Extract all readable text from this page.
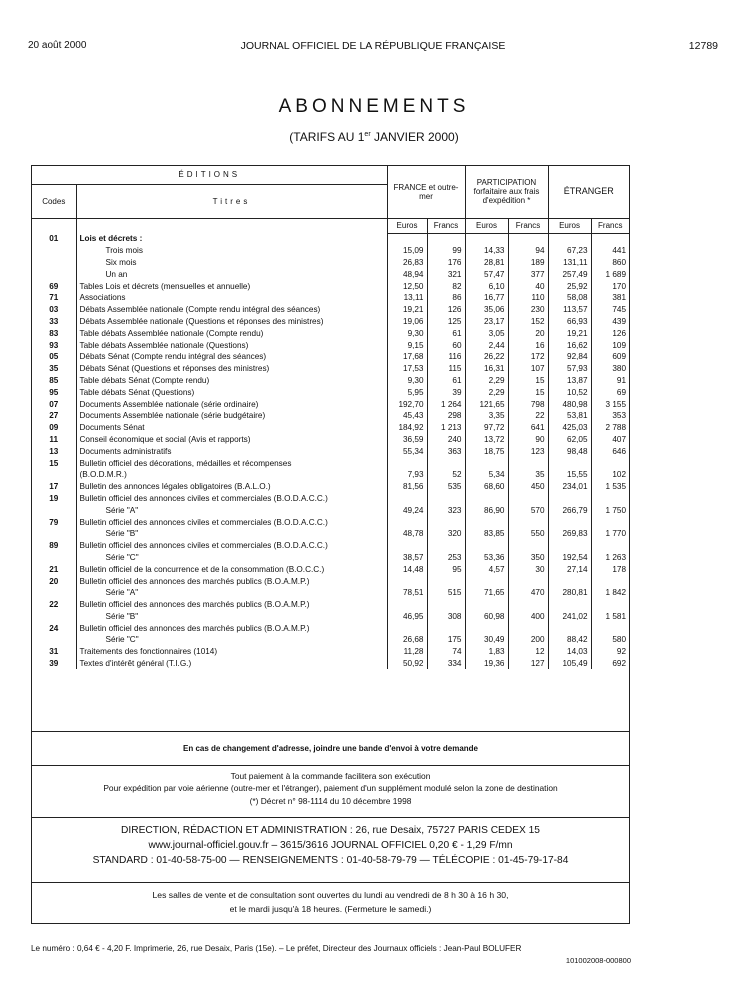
20 août 2000	JOURNAL OFFICIEL DE LA RÉPUBLIQUE FRANÇAISE	12789
ABONNEMENTS
(TARIFS AU 1er JANVIER 2000)
ÉDITIONS		FRANCE et outre-mer		PARTICIPATION forfaitaire aux frais d'expédition *		ÉTRANGER	
Codes	Titres						
		Euros	Francs	Euros	Francs	Euros	Francs
01	Lois et décrets :						
	Trois mois	15,09	99	14,33	94	67,23	441
	Six mois	26,83	176	28,81	189	131,11	860
	Un an	48,94	321	57,47	377	257,49	1 689
69	Tables Lois et décrets (mensuelles et annuelle)	12,50	82	6,10	40	25,92	170
71	Associations	13,11	86	16,77	110	58,08	381
03	Débats Assemblée nationale (Compte rendu intégral des séances)	19,21	126	35,06	230	113,57	745
33	Débats Assemblée nationale (Questions et réponses des ministres)	19,06	125	23,17	152	66,93	439
83	Table débats Assemblée nationale (Compte rendu)	9,30	61	3,05	20	19,21	126
93	Table débats Assemblée nationale (Questions)	9,15	60	2,44	16	16,62	109
05	Débats Sénat (Compte rendu intégral des séances)	17,68	116	26,22	172	92,84	609
35	Débats Sénat (Questions et réponses des ministres)	17,53	115	16,31	107	57,93	380
85	Table débats Sénat (Compte rendu)	9,30	61	2,29	15	13,87	91
95	Table débats Sénat (Questions)	5,95	39	2,29	15	10,52	69
07	Documents Assemblée nationale (série ordinaire)	192,70	1 264	121,65	798	480,98	3 155
27	Documents Assemblée nationale (série budgétaire)	45,43	298	3,35	22	53,81	353
09	Documents Sénat	184,92	1 213	97,72	641	425,03	2 788
11	Conseil économique et social (Avis et rapports)	36,59	240	13,72	90	62,05	407
13	Documents administratifs	55,34	363	18,75	123	98,48	646
15	Bulletin officiel des décorations, médailles et récompenses						
	(B.O.D.M.R.)	7,93	52	5,34	35	15,55	102
17	Bulletin des annonces légales obligatoires (B.A.L.O.)	81,56	535	68,60	450	234,01	1 535
19	Bulletin officiel des annonces civiles et commerciales (B.O.D.A.C.C.)						
	Série "A"	49,24	323	86,90	570	266,79	1 750
79	Bulletin officiel des annonces civiles et commerciales (B.O.D.A.C.C.)						
	Série "B"	48,78	320	83,85	550	269,83	1 770
89	Bulletin officiel des annonces civiles et commerciales (B.O.D.A.C.C.)						
	Série "C"	38,57	253	53,36	350	192,54	1 263
21	Bulletin officiel de la concurrence et de la consommation (B.O.C.C.)	14,48	95	4,57	30	27,14	178
20	Bulletin officiel des annonces des marchés publics (B.O.A.M.P.)						
	Série "A"	78,51	515	71,65	470	280,81	1 842
22	Bulletin officiel des annonces des marchés publics (B.O.A.M.P.)						
	Série "B"	46,95	308	60,98	400	241,02	1 581
24	Bulletin officiel des annonces des marchés publics (B.O.A.M.P.)						
	Série "C"	26,68	175	30,49	200	88,42	580
31	Traitements des fonctionnaires (1014)	11,28	74	1,83	12	14,03	92
39	Textes d'intérêt général (T.I.G.)	50,92	334	19,36	127	105,49	692
En cas de changement d'adresse, joindre une bande d'envoi à votre demande
Tout paiement à la commande facilitera son exécution
Pour expédition par voie aérienne (outre-mer et l'étranger), paiement d'un supplément modulé selon la zone de destination
(*) Décret n° 98-1114 du 10 décembre 1998
DIRECTION, RÉDACTION ET ADMINISTRATION : 26, rue Desaix, 75727 PARIS CEDEX 15
www.journal-officiel.gouv.fr – 3615/3616 JOURNAL OFFICIEL 0,20 € - 1,29 F/mn
STANDARD : 01-40-58-75-00 — RENSEIGNEMENTS : 01-40-58-79-79 — TÉLÉCOPIE : 01-45-79-17-84
Les salles de vente et de consultation sont ouvertes du lundi au vendredi de 8 h 30 à 16 h 30,
et le mardi jusqu'à 18 heures. (Fermeture le samedi.)
Le numéro : 0,64 € - 4,20 F. Imprimerie, 26, rue Desaix, Paris (15e). – Le préfet, Directeur des Journaux officiels : Jean-Paul BOLUFER
101002008-000800
